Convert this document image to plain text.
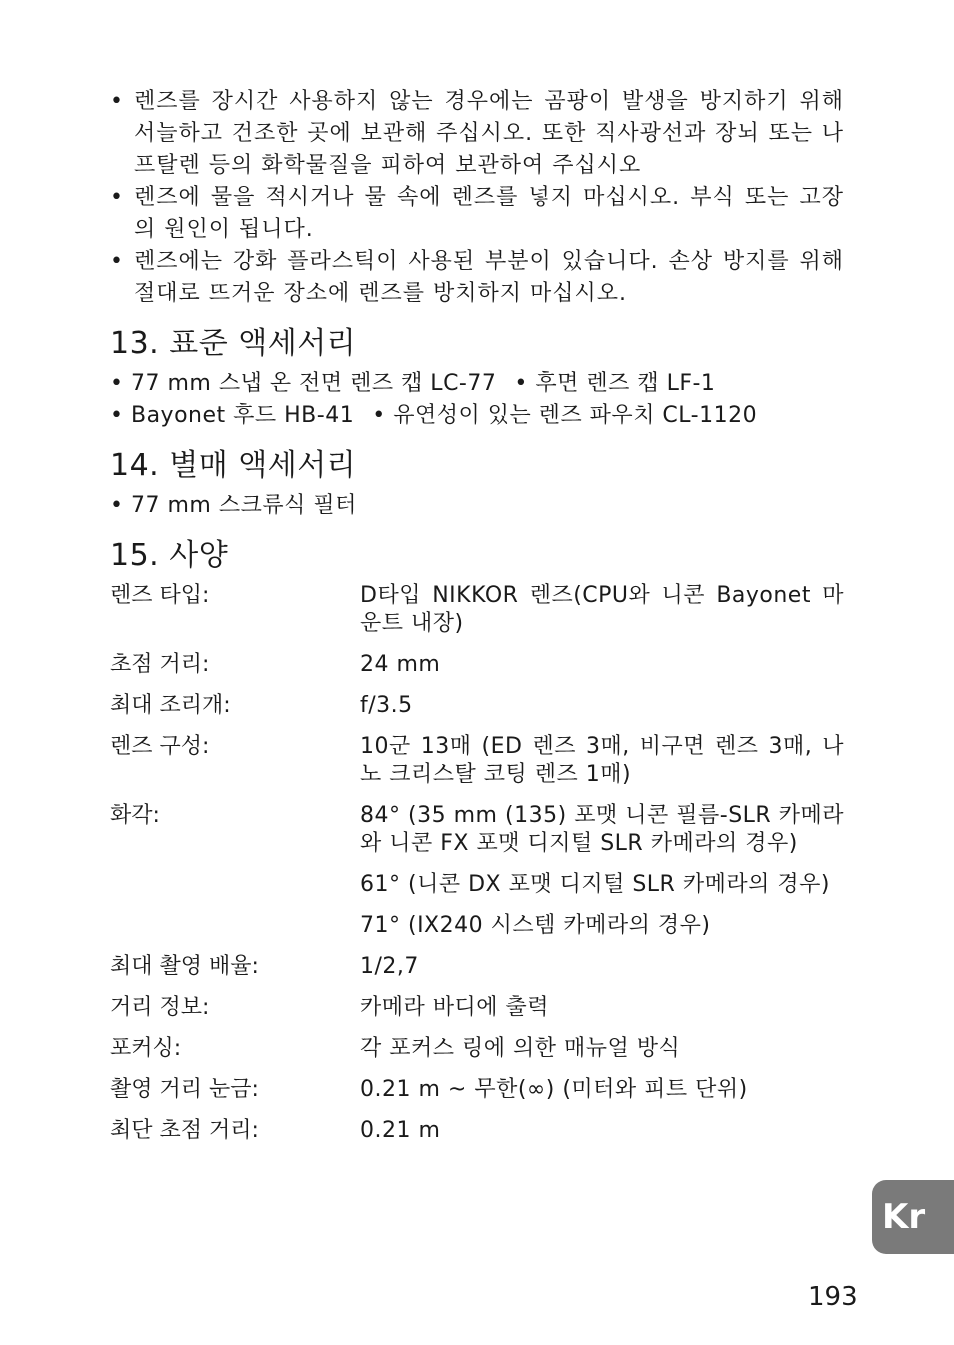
• 렌즈를 장시간 사용하지 않는 경우에는 곰팡이 발생을 방지하기 위해 서늘하고 건조한 곳에 보관해 주십시오. 또한 직사광선과 장뇌 또는 나프탈렌 등의 화학물질을 피하여 보관하여 주십시오
• 렌즈에 물을 적시거나 물 속에 렌즈를 넣지 마십시오. 부식 또는 고장의 원인이 됩니다.
• 렌즈에는 강화 플라스틱이 사용된 부분이 있습니다. 손상 방지를 위해 절대로 뜨거운 장소에 렌즈를 방치하지 마십시오.
13. 표준 액세서리
• 77 mm 스냅 온 전면 렌즈 캡 LC-77 • 후면 렌즈 캡 LF-1
• Bayonet 후드 HB-41 • 유연성이 있는 렌즈 파우치 CL-1120
14. 별매 액세서리
• 77 mm 스크류식 필터
15. 사양
렌즈 타입:	D타입 NIKKOR 렌즈(CPU와 니콘 Bayonet 마운트 내장)
초점 거리:	24 mm
최대 조리개:	f/3.5
렌즈 구성:	10군 13매 (ED 렌즈 3매, 비구면 렌즈 3매, 나노 크리스탈 코팅 렌즈 1매)
화각:	84° (35 mm (135) 포맷 니콘 필름-SLR 카메라와 니콘 FX 포맷 디지털 SLR 카메라의 경우)
61° (니콘 DX 포맷 디지털 SLR 카메라의 경우)
71° (IX240 시스템 카메라의 경우)
최대 촬영 배율:	1/2,7
거리 정보:	카메라 바디에 출력
포커싱:	각 포커스 링에 의한 매뉴얼 방식
촬영 거리 눈금:	0.21 m ~ 무한(∞) (미터와 피트 단위)
최단 초점 거리:	0.21 m
Kr
193
